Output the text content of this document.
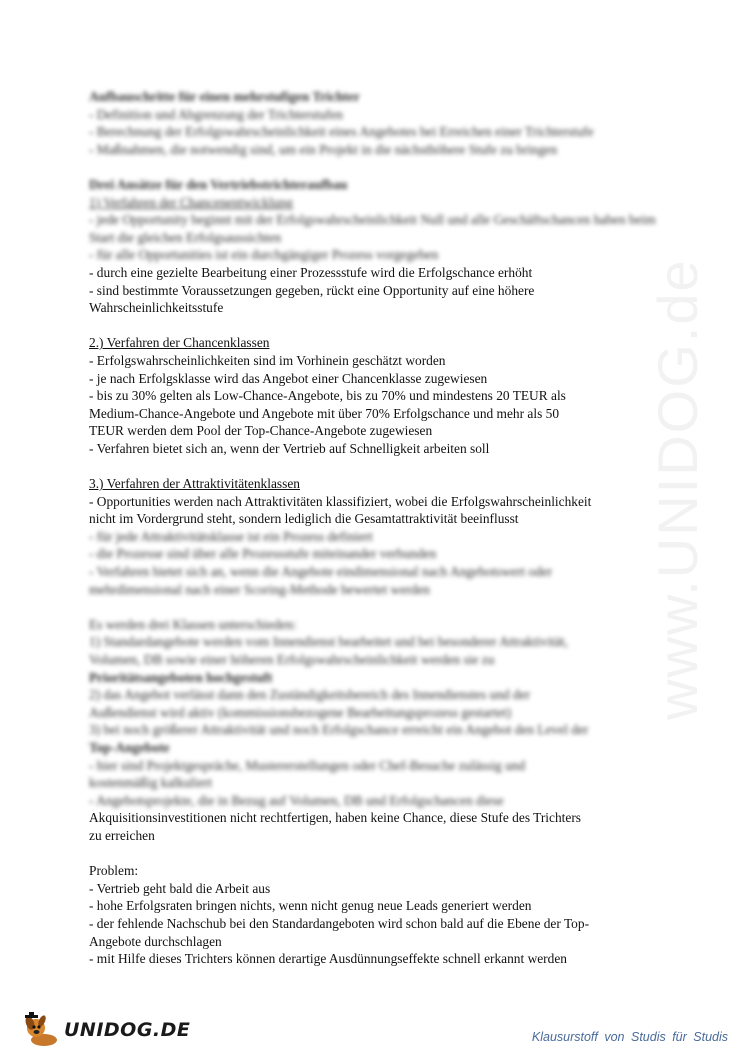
www.UNIDOG.de
Aufbauschritte für einen mehrstufigen Trichter
- Definition und Abgrenzung der Trichterstufen
- Berechnung der Erfolgswahrscheinlichkeit eines Angebotes bei Erreichen einer Trichterstufe
- Maßnahmen, die notwendig sind, um ein Projekt in die nächsthöhere Stufe zu bringen
Drei Ansätze für den Vertriebstrichteraufbau
1) Verfahren der Chancenentwicklung
- jede Opportunity beginnt mit der Erfolgswahrscheinlichkeit Null und alle Geschäftschancen haben beim Start die gleichen Erfolgsaussichten
- für alle Opportunities ist ein durchgängiger Prozess vorgegeben
- durch eine gezielte Bearbeitung einer Prozessstufe wird die Erfolgschance erhöht
- sind bestimmte Voraussetzungen gegeben, rückt eine Opportunity auf eine höhere
Wahrscheinlichkeitsstufe
2.) Verfahren der Chancenklassen
- Erfolgswahrscheinlichkeiten sind im Vorhinein geschätzt worden
- je nach Erfolgsklasse wird das Angebot einer Chancenklasse zugewiesen
- bis zu 30% gelten als Low-Chance-Angebote, bis zu 70% und mindestens 20 TEUR als
Medium-Chance-Angebote und Angebote mit über 70% Erfolgschance und mehr als 50
TEUR werden dem Pool der Top-Chance-Angebote zugewiesen
- Verfahren bietet sich an, wenn der Vertrieb auf Schnelligkeit arbeiten soll
3.) Verfahren der Attraktivitätenklassen
- Opportunities werden nach Attraktivitäten klassifiziert, wobei die Erfolgswahrscheinlichkeit
nicht im Vordergrund steht, sondern lediglich die Gesamtattraktivität beeinflusst
- für jede Attraktivitätsklasse ist ein Prozess definiert
- die Prozesse sind über alle Prozessstufe miteinander verbunden
- Verfahren bietet sich an, wenn die Angebote eindimensional nach Angebotswert oder
mehrdimensional nach einer Scoring-Methode bewertet werden
Es werden drei Klassen unterschieden:
1) Standardangebote werden vom Innendienst bearbeitet und bei besonderer Attraktivität,
Volumen, DB sowie einer höheren Erfolgswahrscheinlichkeit werden sie zu
Prioritätsangeboten hochgestuft
2) das Angebot verlässt dann den Zuständigkeitsbereich des Innendienstes und der
Außendienst wird aktiv (kommissionsbezogene Bearbeitungsprozess gestartet)
3) bei noch größerer Attraktivität und noch Erfolgschance erreicht ein Angebot den Level der
Top-Angebote
- hier sind Projektgespräche, Mustererstellungen oder Chef-Besuche zulässig und
kostenmäßig kalkuliert
- Angebotsprojekte, die in Bezug auf Volumen, DB und Erfolgschancen diese
Akquisitionsinvestitionen nicht rechtfertigen, haben keine Chance, diese Stufe des Trichters
zu erreichen
Problem:
- Vertrieb geht bald die Arbeit aus
- hohe Erfolgsraten bringen nichts, wenn nicht genug neue Leads generiert werden
- der fehlende Nachschub bei den Standardangeboten wird schon bald auf die Ebene der Top-
Angebote durchschlagen
- mit Hilfe dieses Trichters können derartige Ausdünnungseffekte schnell erkannt werden
UNIDOG.DE	Klausurstoff von Studis für Studis
